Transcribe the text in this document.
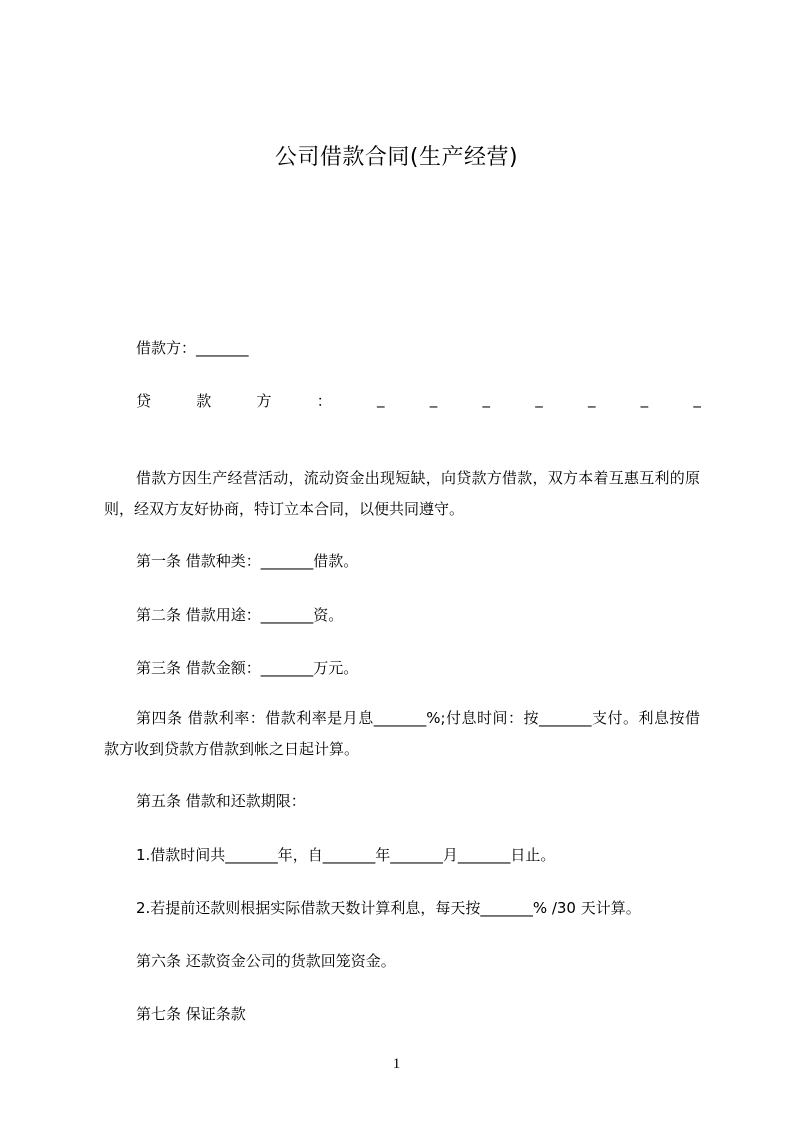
公司借款合同(生产经营)
借款方：_______
贷	款	方	：	_	_	_	_	_	_	_
借款方因生产经营活动，流动资金出现短缺，向贷款方借款，双方本着互惠互利的原则，经双方友好协商，特订立本合同，以便共同遵守。
第一条 借款种类：_______借款。
第二条 借款用途：_______资。
第三条 借款金额：_______万元。
第四条 借款利率：借款利率是月息_______%;付息时间：按_______支付。利息按借款方收到贷款方借款到帐之日起计算。
第五条 借款和还款期限：
1.借款时间共_______年，自_______年_______月_______日止。
2.若提前还款则根据实际借款天数计算利息，每天按_______% /30 天计算。
第六条 还款资金公司的货款回笼资金。
第七条 保证条款
1
